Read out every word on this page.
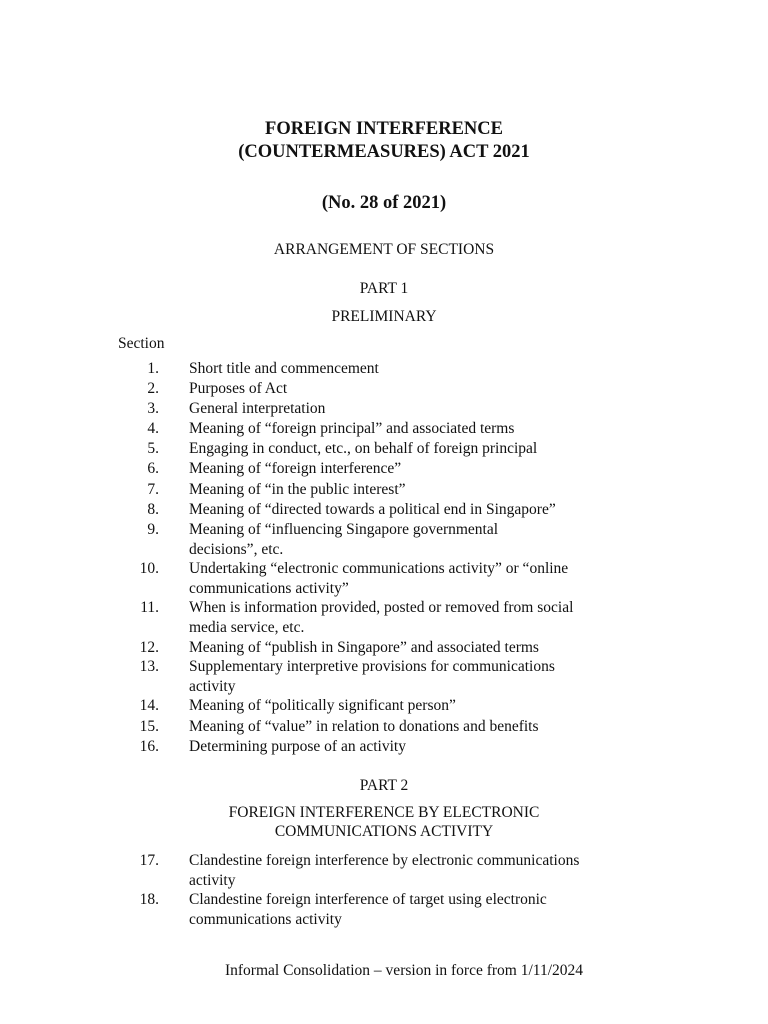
FOREIGN INTERFERENCE
(COUNTERMEASURES) ACT 2021
(No. 28 of 2021)
ARRANGEMENT OF SECTIONS
PART 1
PRELIMINARY
Section
1. Short title and commencement
2. Purposes of Act
3. General interpretation
4. Meaning of “foreign principal” and associated terms
5. Engaging in conduct, etc., on behalf of foreign principal
6. Meaning of “foreign interference”
7. Meaning of “in the public interest”
8. Meaning of “directed towards a political end in Singapore”
9. Meaning of “influencing Singapore governmental
decisions”, etc.
10. Undertaking “electronic communications activity” or “online
communications activity”
11. When is information provided, posted or removed from social
media service, etc.
12. Meaning of “publish in Singapore” and associated terms
13. Supplementary interpretive provisions for communications
activity
14. Meaning of “politically significant person”
15. Meaning of “value” in relation to donations and benefits
16. Determining purpose of an activity
PART 2
FOREIGN INTERFERENCE BY ELECTRONIC
COMMUNICATIONS ACTIVITY
17. Clandestine foreign interference by electronic communications
activity
18. Clandestine foreign interference of target using electronic
communications activity
Informal Consolidation – version in force from 1/11/2024
